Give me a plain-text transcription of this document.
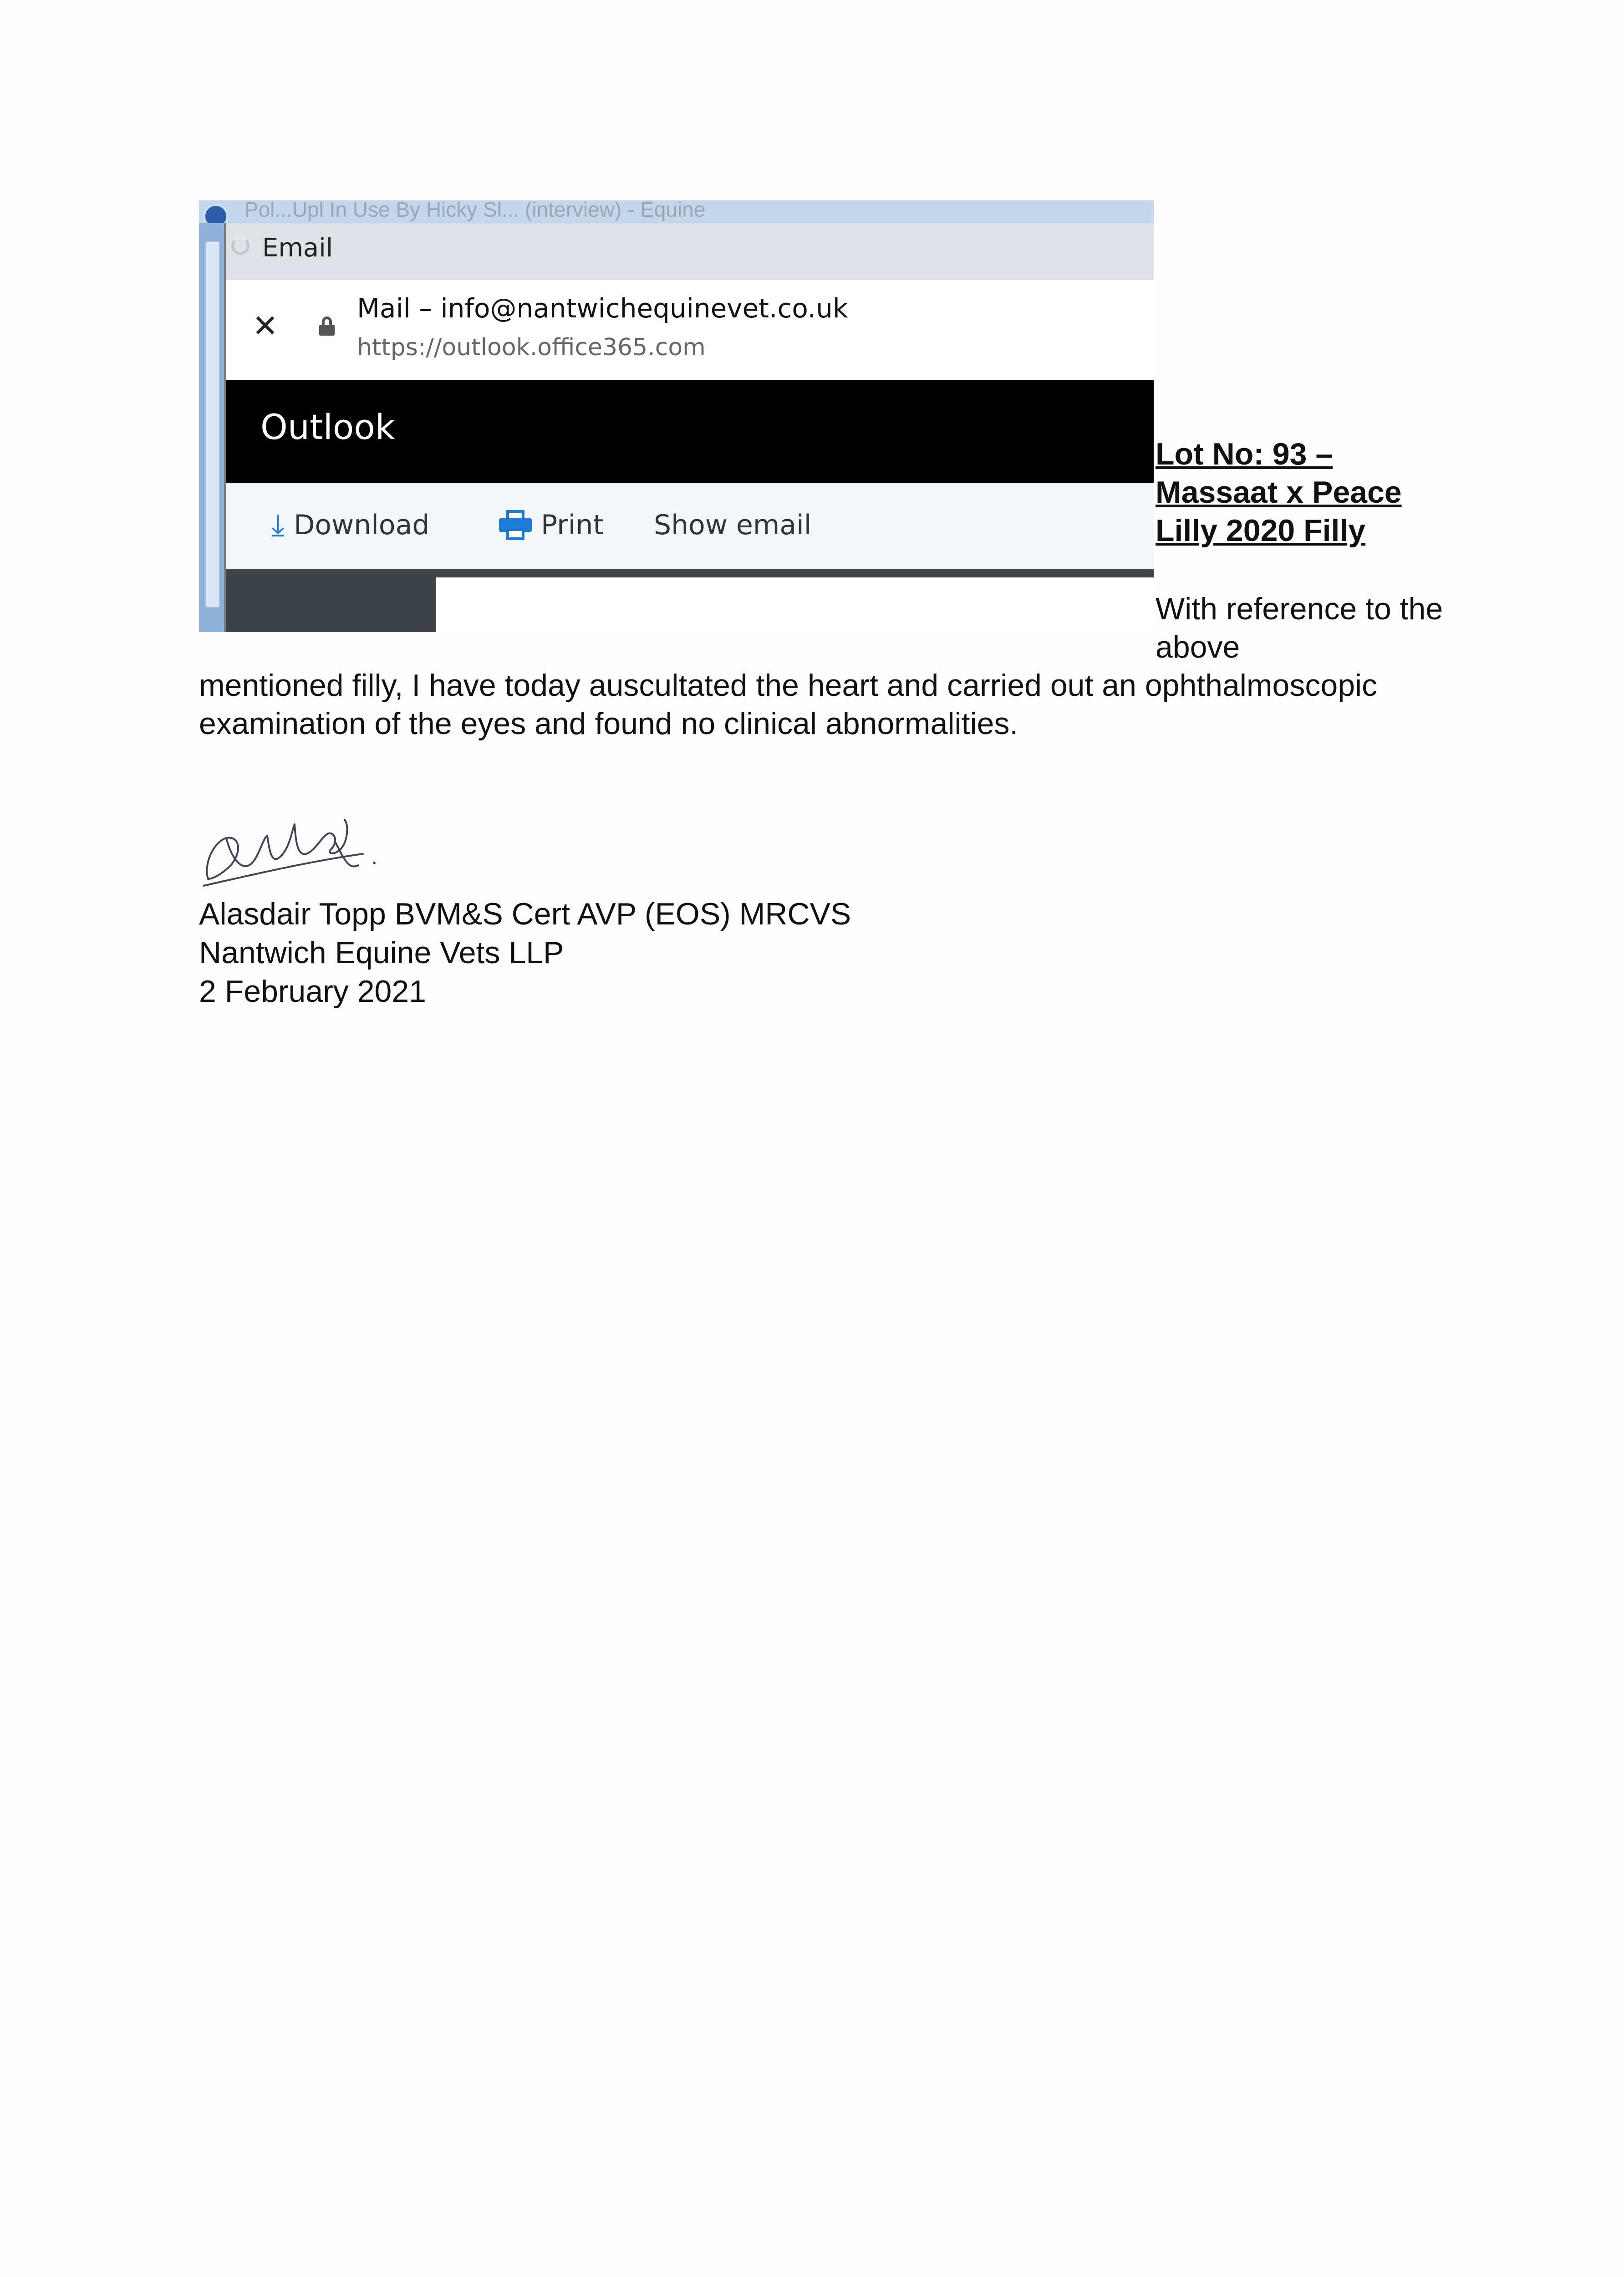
Pol...Upl In Use By Hicky Sl... (interview) - Equine
Email
✕	Mail – info@nantwichequinevet.co.uk
https://outlook.office365.com
Outlook
⤓ Download	Print Show email
Lot No: 93 – Massaat x Peace Lilly 2020 Filly
With reference to the above
mentioned filly, I have today auscultated the heart and carried out an ophthalmoscopic examination of the eyes and found no clinical abnormalities.
Alasdair Topp BVM&S Cert AVP (EOS) MRCVS
Nantwich Equine Vets LLP
2 February 2021
